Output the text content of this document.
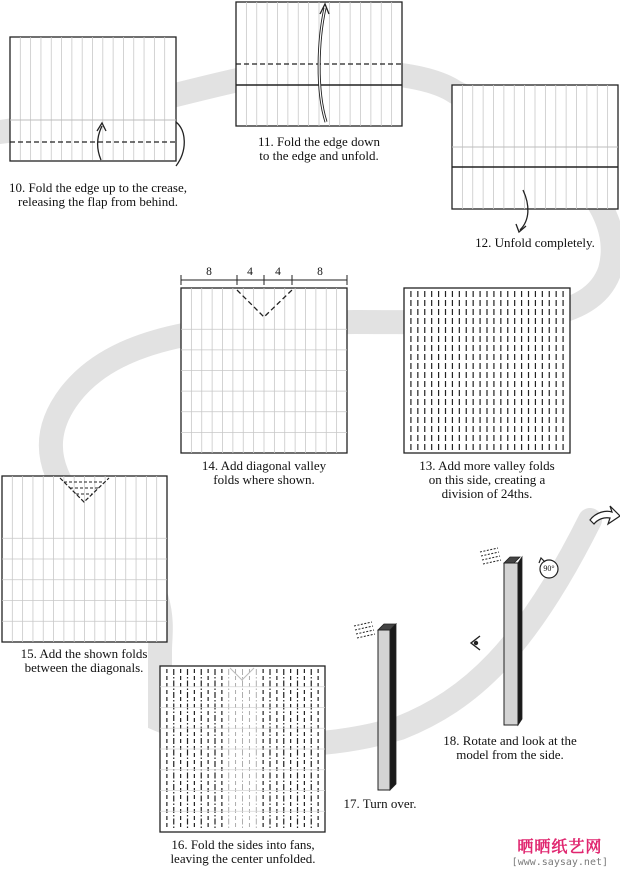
8	4	4	8
90°
10. Fold the edge up to the crease,
releasing the flap from behind.
11. Fold the edge down
to the edge and unfold.
12. Unfold completely.
14. Add diagonal valley
folds where shown.
13. Add more valley folds
on this side, creating a
division of 24ths.
15. Add the shown folds
between the diagonals.
16. Fold the sides into fans,
leaving the center unfolded.
17. Turn over.
18. Rotate and look at the
model from the side.
晒晒纸艺网
[www.saysay.net]
